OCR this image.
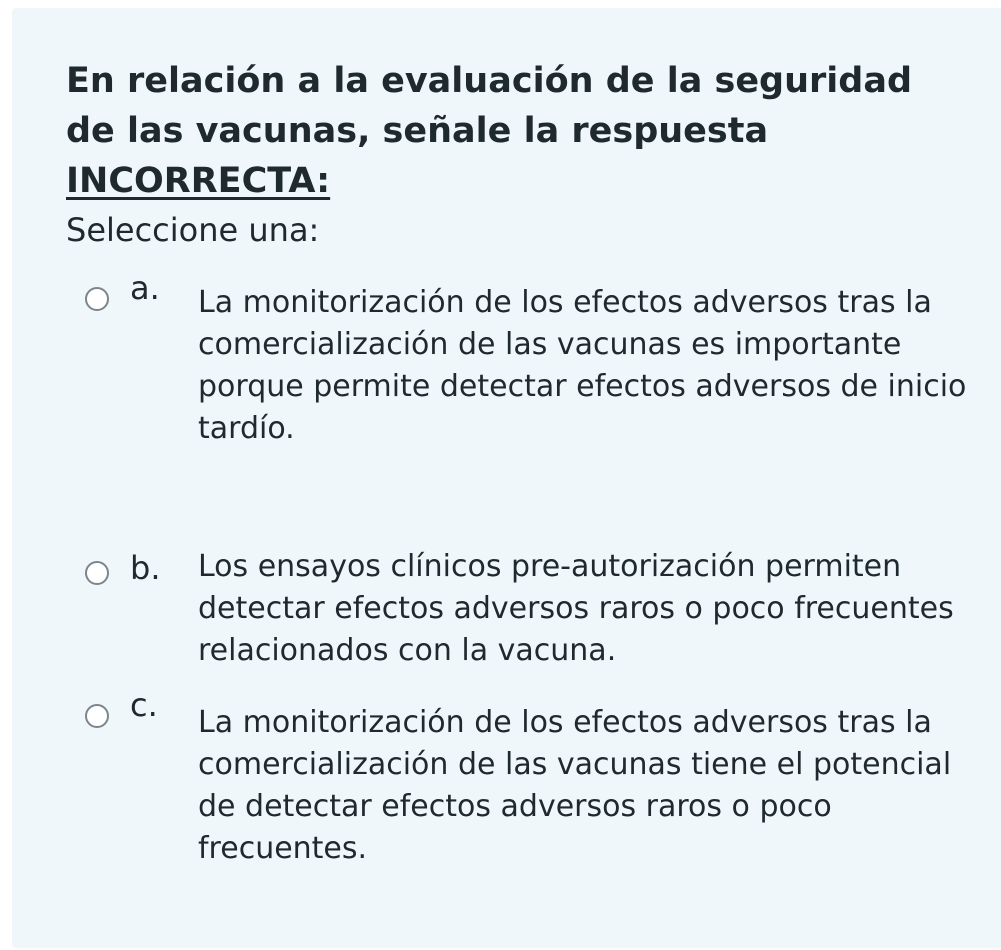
En relación a la evaluación de la seguridad de las vacunas, señale la respuesta INCORRECTA:
Seleccione una:
a. La monitorización de los efectos adversos tras la comercialización de las vacunas es importante porque permite detectar efectos adversos de inicio tardío.
b. Los ensayos clínicos pre-autorización permiten detectar efectos adversos raros o poco frecuentes relacionados con la vacuna.
c. La monitorización de los efectos adversos tras la comercialización de las vacunas tiene el potencial de detectar efectos adversos raros o poco frecuentes.
